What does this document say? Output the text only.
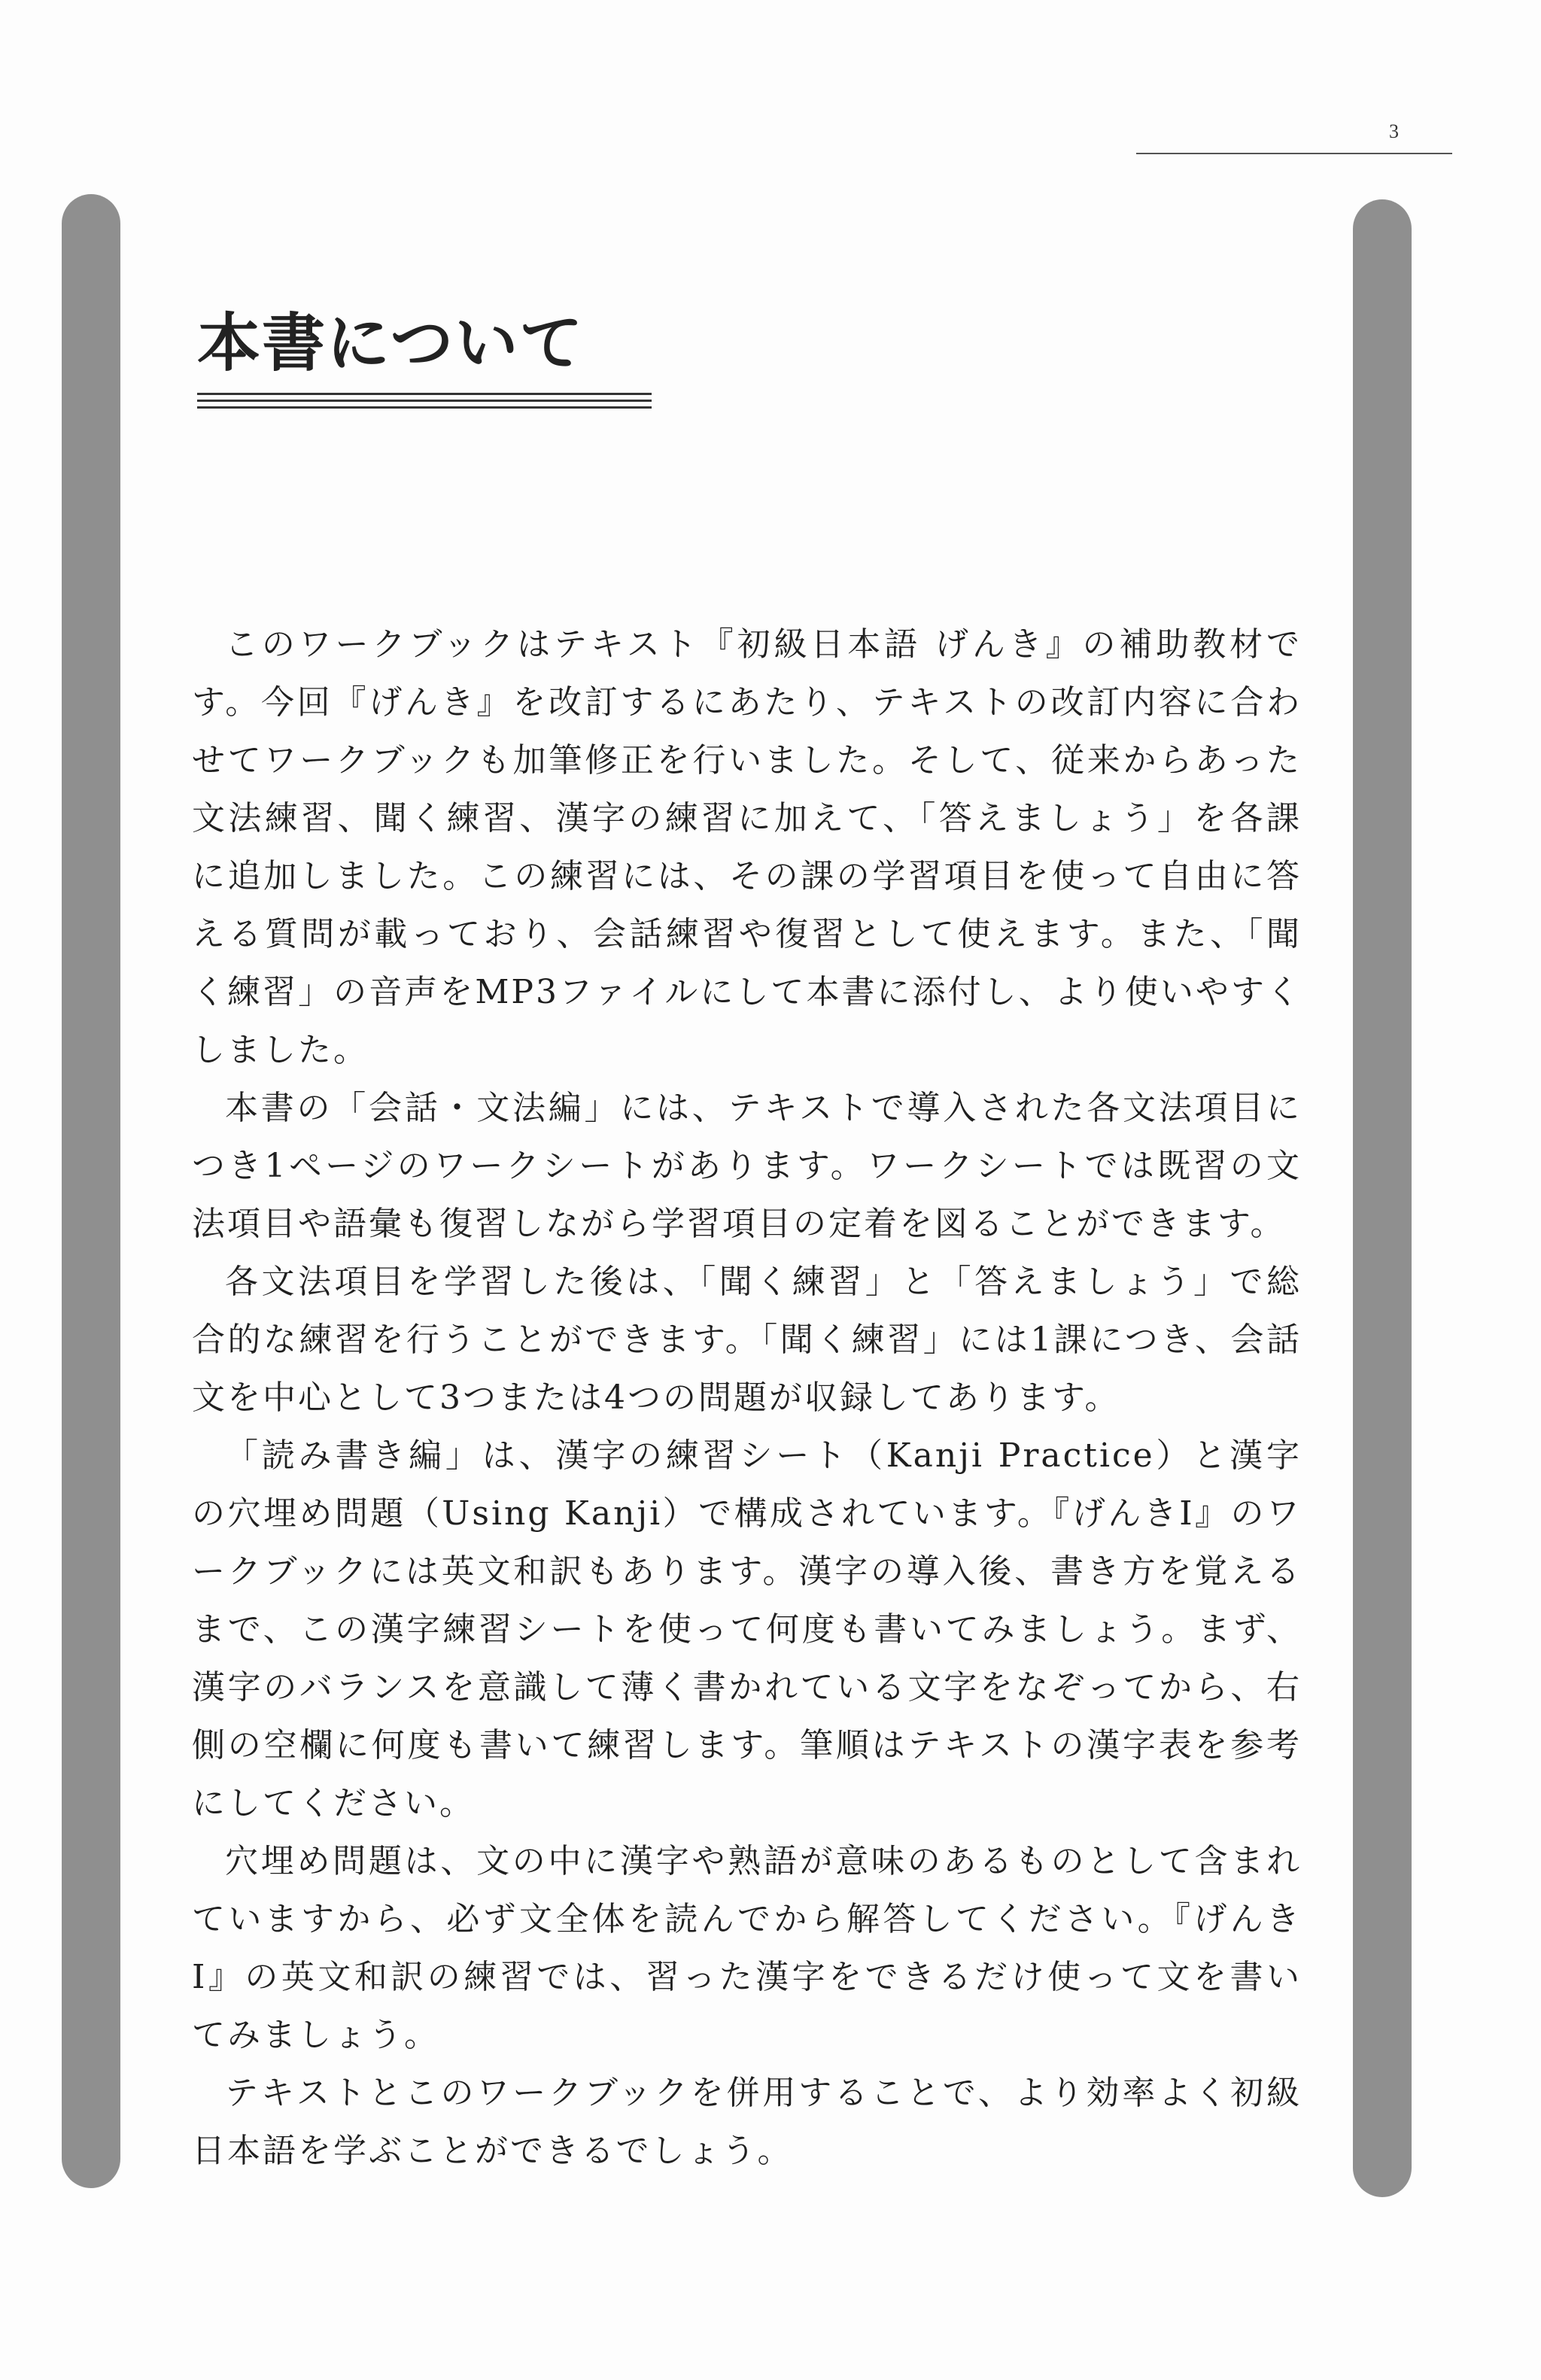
3
本書について

このワークブックはテキスト『初級日本語 げんき』の補助教材です。今回『げんき』を改訂するにあたり、テキストの改訂内容に合わせてワークブックも加筆修正を行いました。そして、従来からあった文法練習、聞く練習、漢字の練習に加えて、「答えましょう」を各課に追加しました。この練習には、その課の学習項目を使って自由に答える質問が載っており、会話練習や復習として使えます。また、「聞く練習」の音声をMP3ファイルにして本書に添付し、より使いやすくしました。

本書の「会話・文法編」には、テキストで導入された各文法項目につき1ページのワークシートがあります。ワークシートでは既習の文法項目や語彙も復習しながら学習項目の定着を図ることができます。

各文法項目を学習した後は、「聞く練習」と「答えましょう」で総合的な練習を行うことができます。「聞く練習」には1課につき、会話文を中心として3つまたは4つの問題が収録してあります。

「読み書き編」は、漢字の練習シート（Kanji Practice）と漢字の穴埋め問題（Using Kanji）で構成されています。『げんきⅠ』のワークブックには英文和訳もあります。漢字の導入後、書き方を覚えるまで、この漢字練習シートを使って何度も書いてみましょう。まず、漢字のバランスを意識して薄く書かれている文字をなぞってから、右側の空欄に何度も書いて練習します。筆順はテキストの漢字表を参考にしてください。

穴埋め問題は、文の中に漢字や熟語が意味のあるものとして含まれていますから、必ず文全体を読んでから解答してください。『げんきⅠ』の英文和訳の練習では、習った漢字をできるだけ使って文を書いてみましょう。

テキストとこのワークブックを併用することで、より効率よく初級日本語を学ぶことができるでしょう。
